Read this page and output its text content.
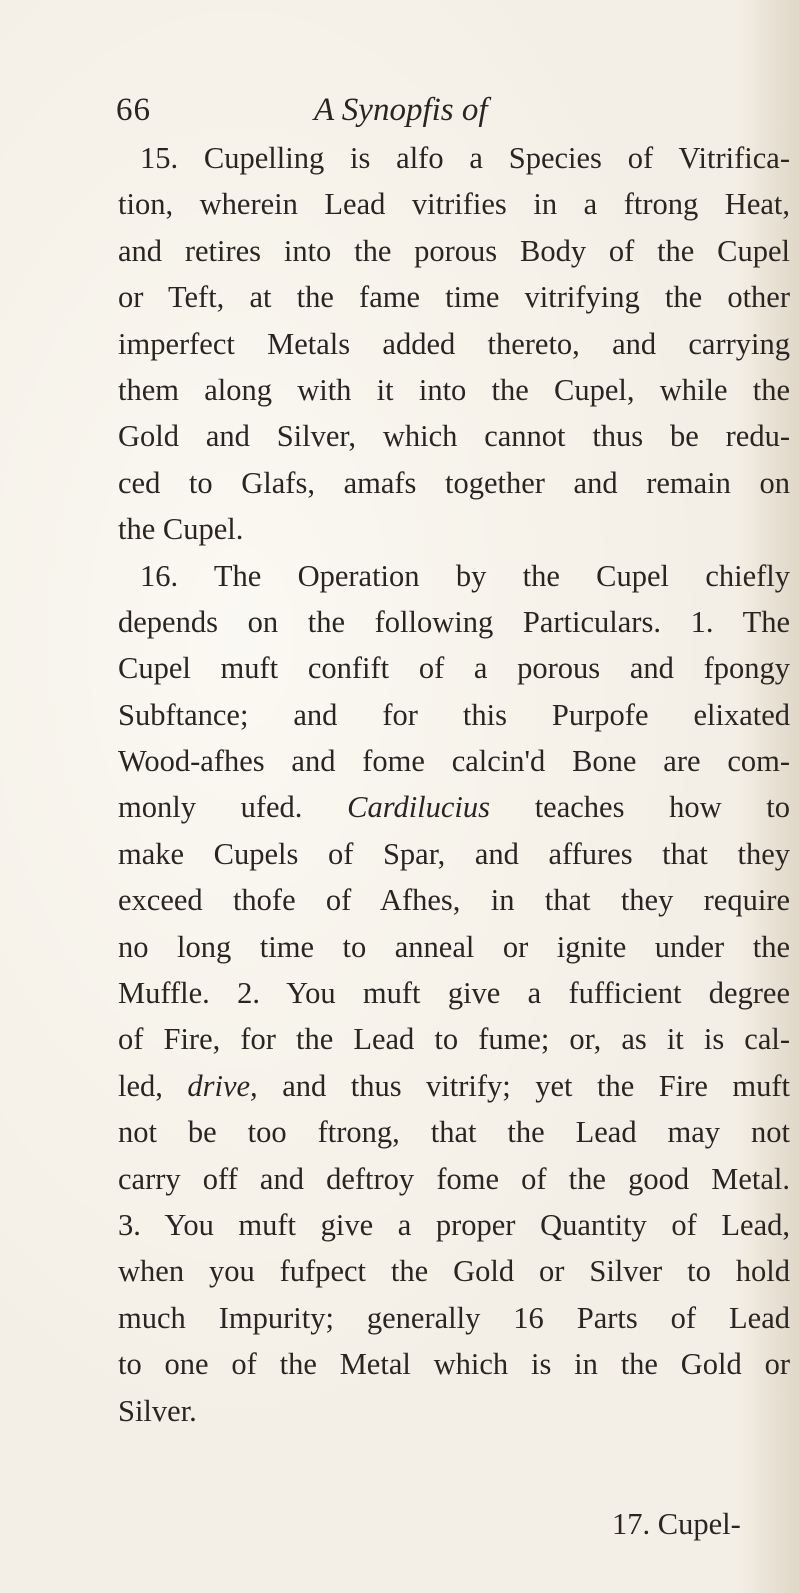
66	A Synopfis of
15. Cupelling is alfo a Species of Vitrifica-
tion, wherein Lead vitrifies in a ftrong Heat,
and retires into the porous Body of the Cupel
or Teft, at the fame time vitrifying the other
imperfect Metals added thereto, and carrying
them along with it into the Cupel, while the
Gold and Silver, which cannot thus be redu-
ced to Glafs, amafs together and remain on
the Cupel.
16. The Operation by the Cupel chiefly
depends on the following Particulars. 1. The
Cupel muft confift of a porous and fpongy
Subftance; and for this Purpofe elixated
Wood-afhes and fome calcin'd Bone are com-
monly ufed. Cardilucius teaches how to
make Cupels of Spar, and affures that they
exceed thofe of Afhes, in that they require
no long time to anneal or ignite under the
Muffle. 2. You muft give a fufficient degree
of Fire, for the Lead to fume; or, as it is cal-
led, drive, and thus vitrify; yet the Fire muft
not be too ftrong, that the Lead may not
carry off and deftroy fome of the good Metal.
3. You muft give a proper Quantity of Lead,
when you fufpect the Gold or Silver to hold
much Impurity; generally 16 Parts of Lead
to one of the Metal which is in the Gold or
Silver.
17. Cupel-
